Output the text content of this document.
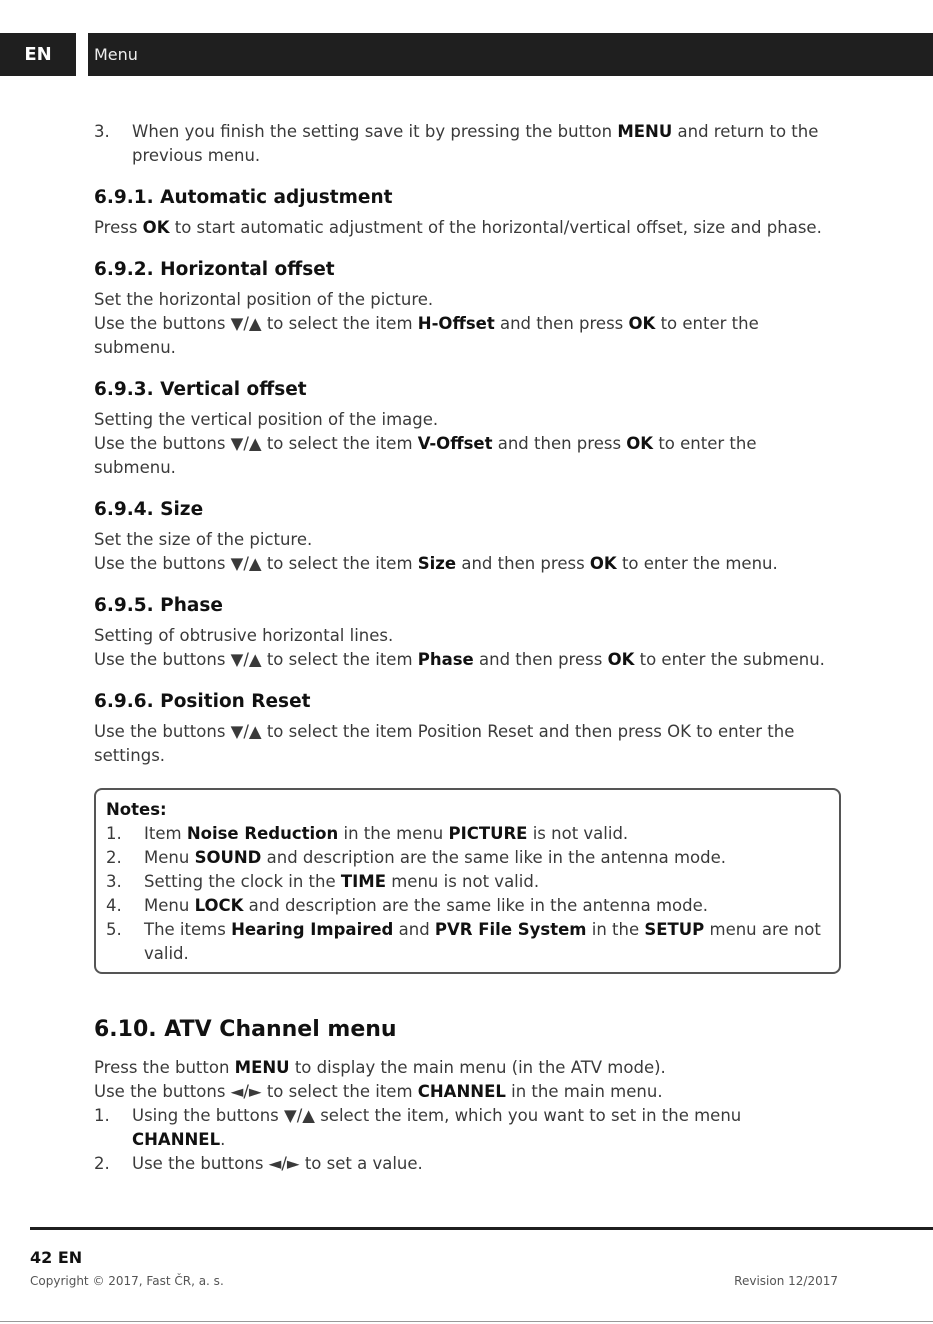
EN	Menu
3.	When you finish the setting save it by pressing the button MENU and return to the previous menu.
6.9.1. Automatic adjustment

Press OK to start automatic adjustment of the horizontal/vertical offset, size and phase.

6.9.2. Horizontal offset

Set the horizontal position of the picture.

Use the buttons ▼/▲ to select the item H-Offset and then press OK to enter the submenu.

6.9.3. Vertical offset

Setting the vertical position of the image.

Use the buttons ▼/▲ to select the item V-Offset and then press OK to enter the submenu.

6.9.4. Size

Set the size of the picture.

Use the buttons ▼/▲ to select the item Size and then press OK to enter the menu.

6.9.5. Phase

Setting of obtrusive horizontal lines.

Use the buttons ▼/▲ to select the item Phase and then press OK to enter the submenu.

6.9.6. Position Reset

Use the buttons ▼/▲ to select the item Position Reset and then press OK to enter the settings.

Notes:
1.	Item Noise Reduction in the menu PICTURE is not valid.
2.	Menu SOUND and description are the same like in the antenna mode.
3.	Setting the clock in the TIME menu is not valid.
4.	Menu LOCK and description are the same like in the antenna mode.
5.	The items Hearing Impaired and PVR File System in the SETUP menu are not valid.
6.10. ATV Channel menu

Press the button MENU to display the main menu (in the ATV mode).

Use the buttons ◄/► to select the item CHANNEL in the main menu.

1.	Using the buttons ▼/▲ select the item, which you want to set in the menu CHANNEL.
2.	Use the buttons ◄/► to set a value.
42 EN
Copyright © 2017, Fast ČR, a. s.	Revision 12/2017
